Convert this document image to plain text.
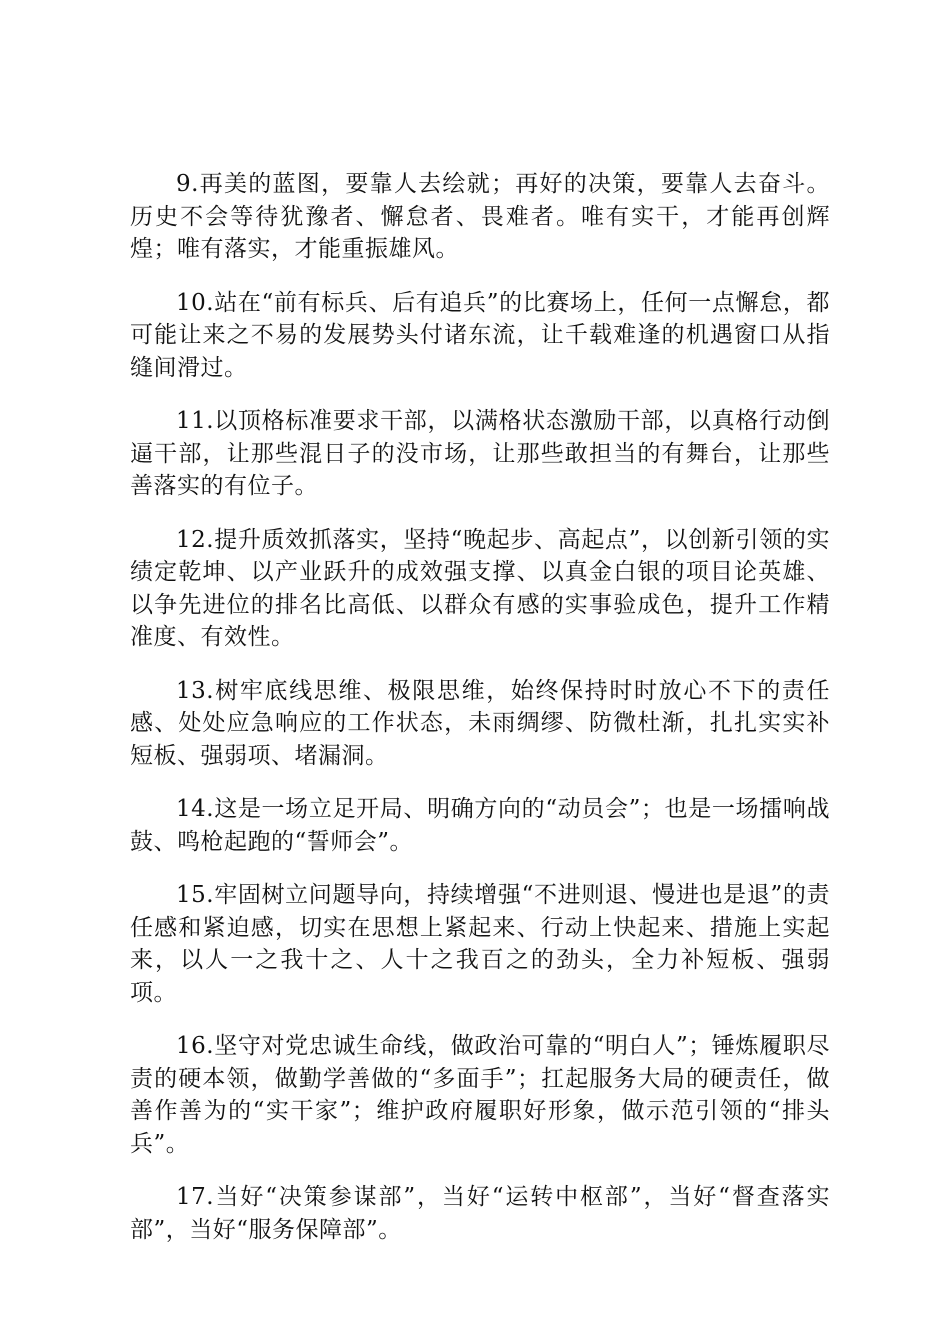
9.再美的蓝图，要靠人去绘就；再好的决策，要靠人去奋斗。历史不会等待犹豫者、懈怠者、畏难者。唯有实干，才能再创辉煌；唯有落实，才能重振雄风。

10.站在“前有标兵、后有追兵”的比赛场上，任何一点懈怠，都可能让来之不易的发展势头付诸东流，让千载难逢的机遇窗口从指缝间滑过。

11.以顶格标准要求干部，以满格状态激励干部，以真格行动倒逼干部，让那些混日子的没市场，让那些敢担当的有舞台，让那些善落实的有位子。

12.提升质效抓落实，坚持“晚起步、高起点”，以创新引领的实绩定乾坤、以产业跃升的成效强支撑、以真金白银的项目论英雄、以争先进位的排名比高低、以群众有感的实事验成色，提升工作精准度、有效性。

13.树牢底线思维、极限思维，始终保持时时放心不下的责任感、处处应急响应的工作状态，未雨绸缪、防微杜渐，扎扎实实补短板、强弱项、堵漏洞。

14.这是一场立足开局、明确方向的“动员会”；也是一场擂响战鼓、鸣枪起跑的“誓师会”。

15.牢固树立问题导向，持续增强“不进则退、慢进也是退”的责任感和紧迫感，切实在思想上紧起来、行动上快起来、措施上实起来，以人一之我十之、人十之我百之的劲头，全力补短板、强弱项。

16.坚守对党忠诚生命线，做政治可靠的“明白人”；锤炼履职尽责的硬本领，做勤学善做的“多面手”；扛起服务大局的硬责任，做善作善为的“实干家”；维护政府履职好形象，做示范引领的“排头兵”。

17.当好“决策参谋部”，当好“运转中枢部”，当好“督查落实部”，当好“服务保障部”。
